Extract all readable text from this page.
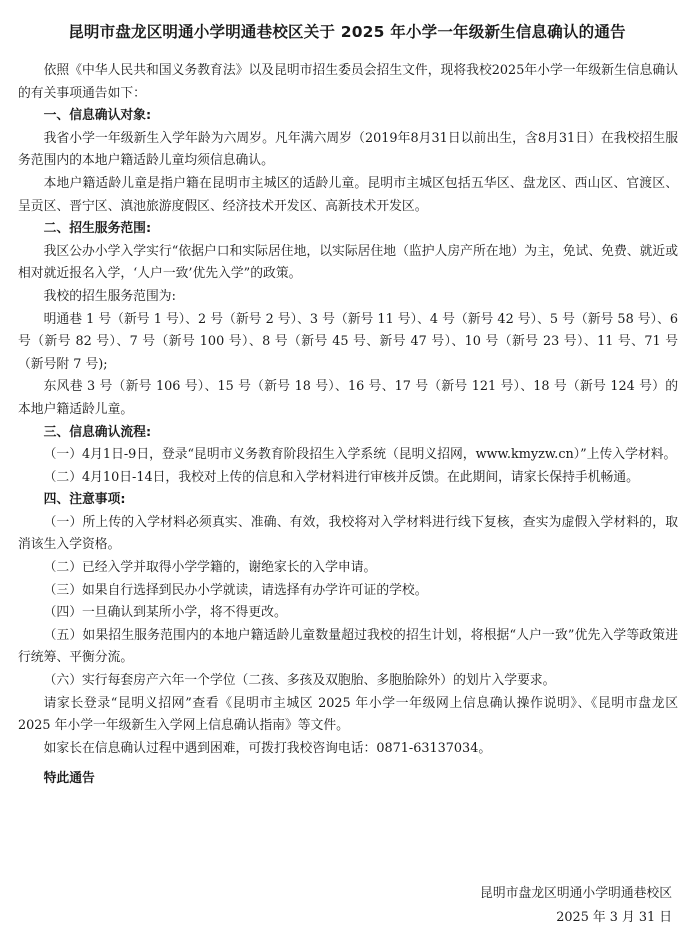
昆明市盘龙区明通小学明通巷校区关于 2025 年小学一年级新生信息确认的通告

依照《中华人民共和国义务教育法》以及昆明市招生委员会招生文件，现将我校2025年小学一年级新生信息确认的有关事项通告如下：

一、信息确认对象:

我省小学一年级新生入学年龄为六周岁。凡年满六周岁（2019年8月31日以前出生，含8月31日）在我校招生服务范围内的本地户籍适龄儿童均须信息确认。

本地户籍适龄儿童是指户籍在昆明市主城区的适龄儿童。昆明市主城区包括五华区、盘龙区、西山区、官渡区、呈贡区、晋宁区、滇池旅游度假区、经济技术开发区、高新技术开发区。

二、招生服务范围:

我区公办小学入学实行“依据户口和实际居住地，以实际居住地（监护人房产所在地）为主，免试、免费、就近或相对就近报名入学，‘人户一致’优先入学”的政策。

我校的招生服务范围为:

明通巷 1 号（新号 1 号）、2 号（新号 2 号）、3 号（新号 11 号）、4 号（新号 42 号）、5 号（新号 58 号）、6 号（新号 82 号）、7 号（新号 100 号）、8 号（新号 45 号、新号 47 号）、10 号（新号 23 号）、11 号、71 号（新号附 7 号);

东风巷 3 号（新号 106 号）、15 号（新号 18 号）、16 号、17 号（新号 121 号）、18 号（新号 124 号）的本地户籍适龄儿童。

三、信息确认流程:

（一）4月1日-9日，登录“昆明市义务教育阶段招生入学系统（昆明义招网，www.kmyzw.cn）”上传入学材料。

（二）4月10日-14日，我校对上传的信息和入学材料进行审核并反馈。在此期间，请家长保持手机畅通。

四、注意事项:

（一）所上传的入学材料必须真实、准确、有效，我校将对入学材料进行线下复核，查实为虚假入学材料的，取消该生入学资格。

（二）已经入学并取得小学学籍的，谢绝家长的入学申请。

（三）如果自行选择到民办小学就读，请选择有办学许可证的学校。

（四）一旦确认到某所小学，将不得更改。

（五）如果招生服务范围内的本地户籍适龄儿童数量超过我校的招生计划，将根据“人户一致”优先入学等政策进行统筹、平衡分流。

（六）实行每套房产六年一个学位（二孩、多孩及双胞胎、多胞胎除外）的划片入学要求。

请家长登录“昆明义招网”查看《昆明市主城区 2025 年小学一年级网上信息确认操作说明》、《昆明市盘龙区 2025 年小学一年级新生入学网上信息确认指南》等文件。

如家长在信息确认过程中遇到困难，可拨打我校咨询电话：0871-63137034。

特此通告

昆明市盘龙区明通小学明通巷校区
2025 年 3 月 31 日
